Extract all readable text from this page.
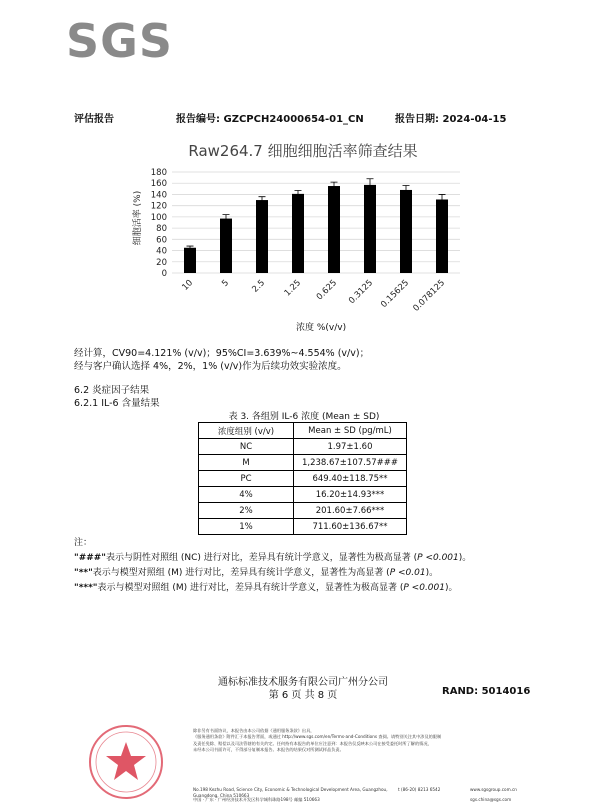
SGS
评估报告	报告编号: GZCPCH24000654-01_CN	报告日期: 2024-04-15
Raw264.7 细胞细胞活率筛查结果
0
20
40
60
80
100
120
140
160
180
10	5 2.5 1.25 0.625 0.3125 0.15625 0.078125
细胞活率 (%)
浓度 %(v/v)
经计算，CV90=4.121% (v/v)；95%CI=3.639%~4.554% (v/v)；
经与客户确认选择 4%，2%，1% (v/v)作为后续功效实验浓度。
6.2 炎症因子结果
6.2.1 IL-6 含量结果
表 3. 各组别 IL-6 浓度 (Mean ± SD)
浓度组别 (v/v)	Mean ± SD (pg/mL)
NC	1.97±1.60
M	1,238.67±107.57###
PC	649.40±118.75**
4%	16.20±14.93***
2%	201.60±7.66***
1%	711.60±136.67**
注：
"###"表示与阴性对照组 (NC) 进行对比，差异具有统计学意义，显著性为极高显著 (P <0.001)。
"**"表示与模型对照组 (M) 进行对比，差异具有统计学意义，显著性为高显著 (P <0.01)。
"***"表示与模型对照组 (M) 进行对比，差异具有统计学意义，显著性为极高显著 (P <0.001)。
通标标准技术服务有限公司广州分公司
第 6 页 共 8 页	RAND: 5014016
除非另有书面协议，本报告由本公司依据《通用服务条款》出具，
《服务通用条款》附件汇于本报告背面，或通过 http://www.sgs.com/en/Terms-and-Conditions 查阅。请特别关注其中涉及的限制
及责任免除、赔偿以及司法管辖的有关约定。任何持有本报告的单位应注意到：本报告仅反映本公司在接受委托时所了解的情况，
未经本公司书面许可，不得部分复制本报告。本报告的结果仅对所测试样品负责。
No.198 Kezhu Road, Science City, Economic & Technological Development Area, Guangzhou, Guangdong, China 510663
中国 · 广东 · 广州经济技术开发区科学城科珠路198号 邮编 510663
t (86-20) 8213 6542	www.sgsgroup.com.cn
sgs.china@sgs.com
